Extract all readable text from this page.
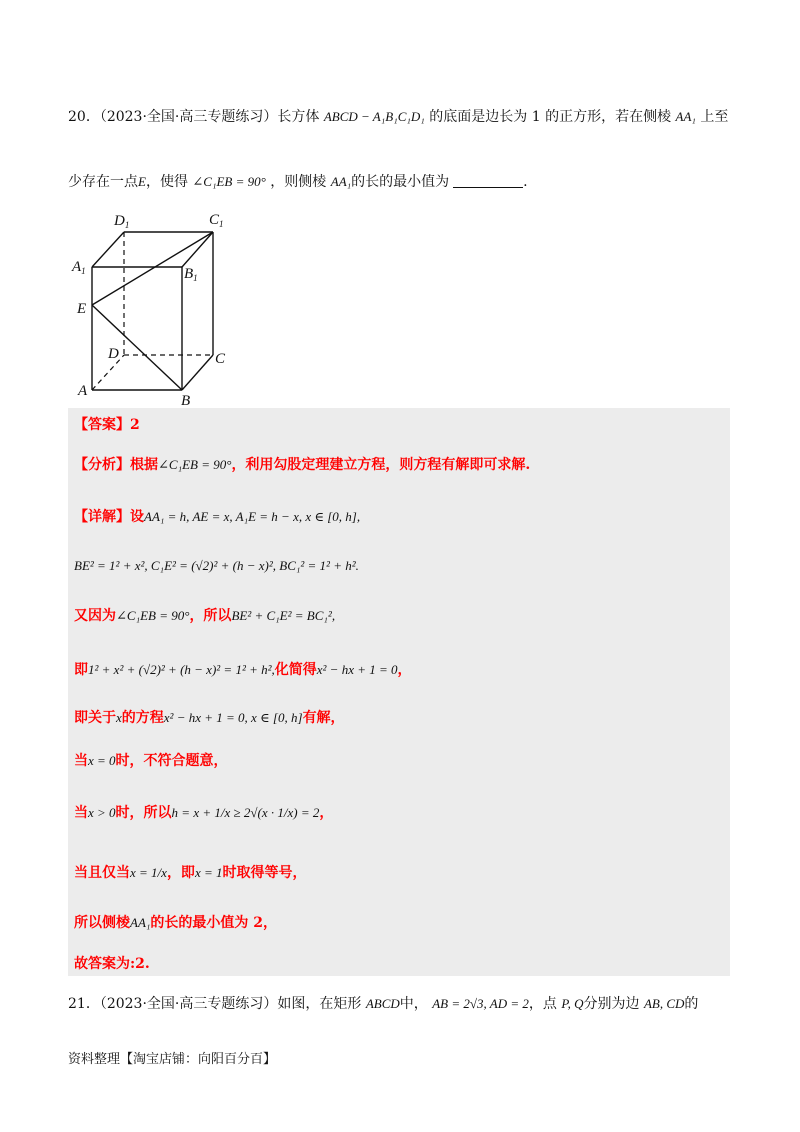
20．（2023·全国·高三专题练习）长方体 ABCD − A₁B₁C₁D₁ 的底面是边长为 1 的正方形，若在侧棱 AA₁ 上至
少存在一点E，使得 ∠C₁EB = 90° ，则侧棱 AA₁的长的最小值为	.
$D_1$	$C_1$
$A_1$	$B_1$
E
D	C
A
B
【答案】2
【分析】根据∠C₁EB = 90°，利用勾股定理建立方程，则方程有解即可求解.
【详解】设AA₁ = h, AE = x, A₁E = h − x, x ∈ [0, h],
BE² = 1² + x², C₁E² = (√2)² + (h − x)², BC₁² = 1² + h².
又因为∠C₁EB = 90°，所以BE² + C₁E² = BC₁²,
即1² + x² + (√2)² + (h − x)² = 1² + h²,化简得x² − hx + 1 = 0，
即关于x的方程x² − hx + 1 = 0, x ∈ [0, h]有解，
当x = 0时，不符合题意，
当x > 0时，所以h = x + 1/x ≥ 2√(x · 1/x) = 2，
当且仅当x = 1/x，即x = 1时取得等号，
所以侧棱AA₁的长的最小值为 2，
故答案为:2.
21．（2023·全国·高三专题练习）如图，在矩形 ABCD中， AB = 2√3, AD = 2，点 P, Q分别为边 AB, CD的
资料整理【淘宝店铺：向阳百分百】
